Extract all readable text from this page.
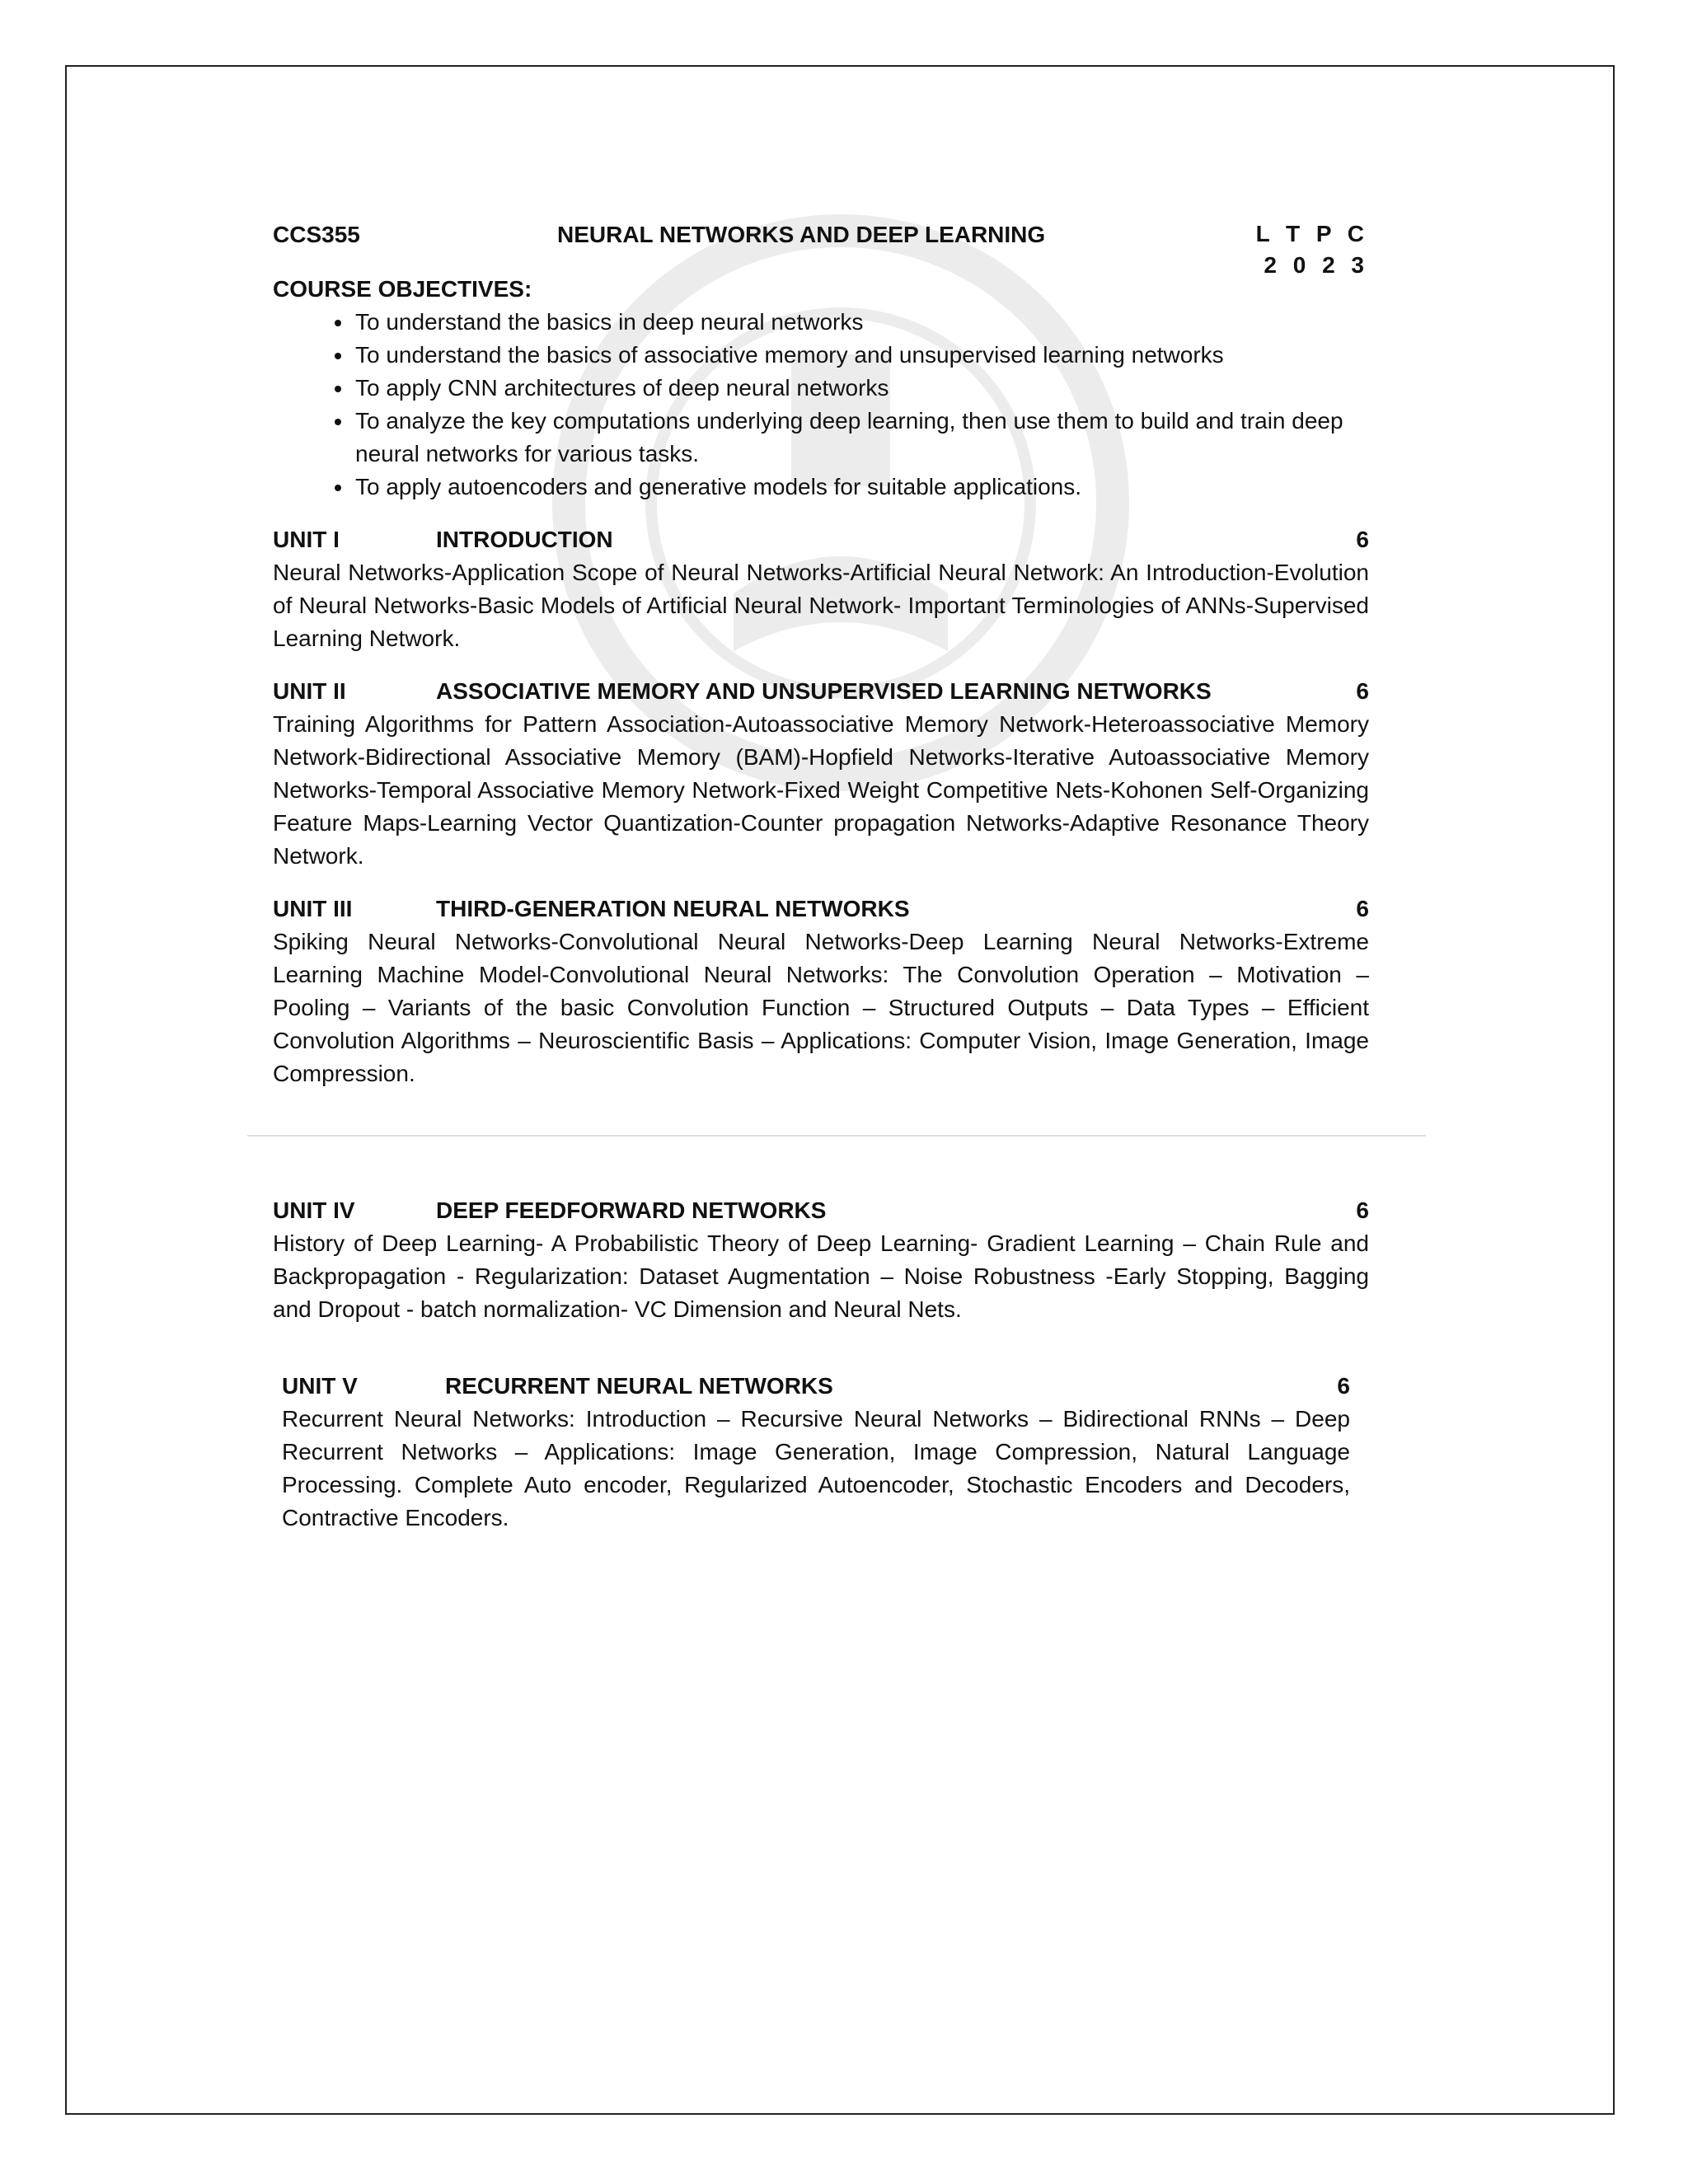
CCS355	NEURAL NETWORKS AND DEEP LEARNING	L T P C
2 0 2 3
COURSE OBJECTIVES:
• To understand the basics in deep neural networks
• To understand the basics of associative memory and unsupervised learning networks
• To apply CNN architectures of deep neural networks
• To analyze the key computations underlying deep learning, then use them to build and train deep neural networks for various tasks.
• To apply autoencoders and generative models for suitable applications.
UNIT I	INTRODUCTION	6
Neural Networks-Application Scope of Neural Networks-Artificial Neural Network: An Introduction-Evolution of Neural Networks-Basic Models of Artificial Neural Network- Important Terminologies of ANNs-Supervised Learning Network.
UNIT II	ASSOCIATIVE MEMORY AND UNSUPERVISED LEARNING NETWORKS	6
Training Algorithms for Pattern Association-Autoassociative Memory Network-Heteroassociative Memory Network-Bidirectional Associative Memory (BAM)-Hopfield Networks-Iterative Autoassociative Memory Networks-Temporal Associative Memory Network-Fixed Weight Competitive Nets-Kohonen Self-Organizing Feature Maps-Learning Vector Quantization-Counter propagation Networks-Adaptive Resonance Theory Network.
UNIT III	THIRD-GENERATION NEURAL NETWORKS	6
Spiking Neural Networks-Convolutional Neural Networks-Deep Learning Neural Networks-Extreme Learning Machine Model-Convolutional Neural Networks: The Convolution Operation – Motivation – Pooling – Variants of the basic Convolution Function – Structured Outputs – Data Types – Efficient Convolution Algorithms – Neuroscientific Basis – Applications: Computer Vision, Image Generation, Image Compression.
UNIT IV	DEEP FEEDFORWARD NETWORKS	6
History of Deep Learning- A Probabilistic Theory of Deep Learning- Gradient Learning – Chain Rule and Backpropagation - Regularization: Dataset Augmentation – Noise Robustness -Early Stopping, Bagging and Dropout - batch normalization- VC Dimension and Neural Nets.
UNIT V	RECURRENT NEURAL NETWORKS	6
Recurrent Neural Networks: Introduction – Recursive Neural Networks – Bidirectional RNNs – Deep Recurrent Networks – Applications: Image Generation, Image Compression, Natural Language Processing. Complete Auto encoder, Regularized Autoencoder, Stochastic Encoders and Decoders, Contractive Encoders.
